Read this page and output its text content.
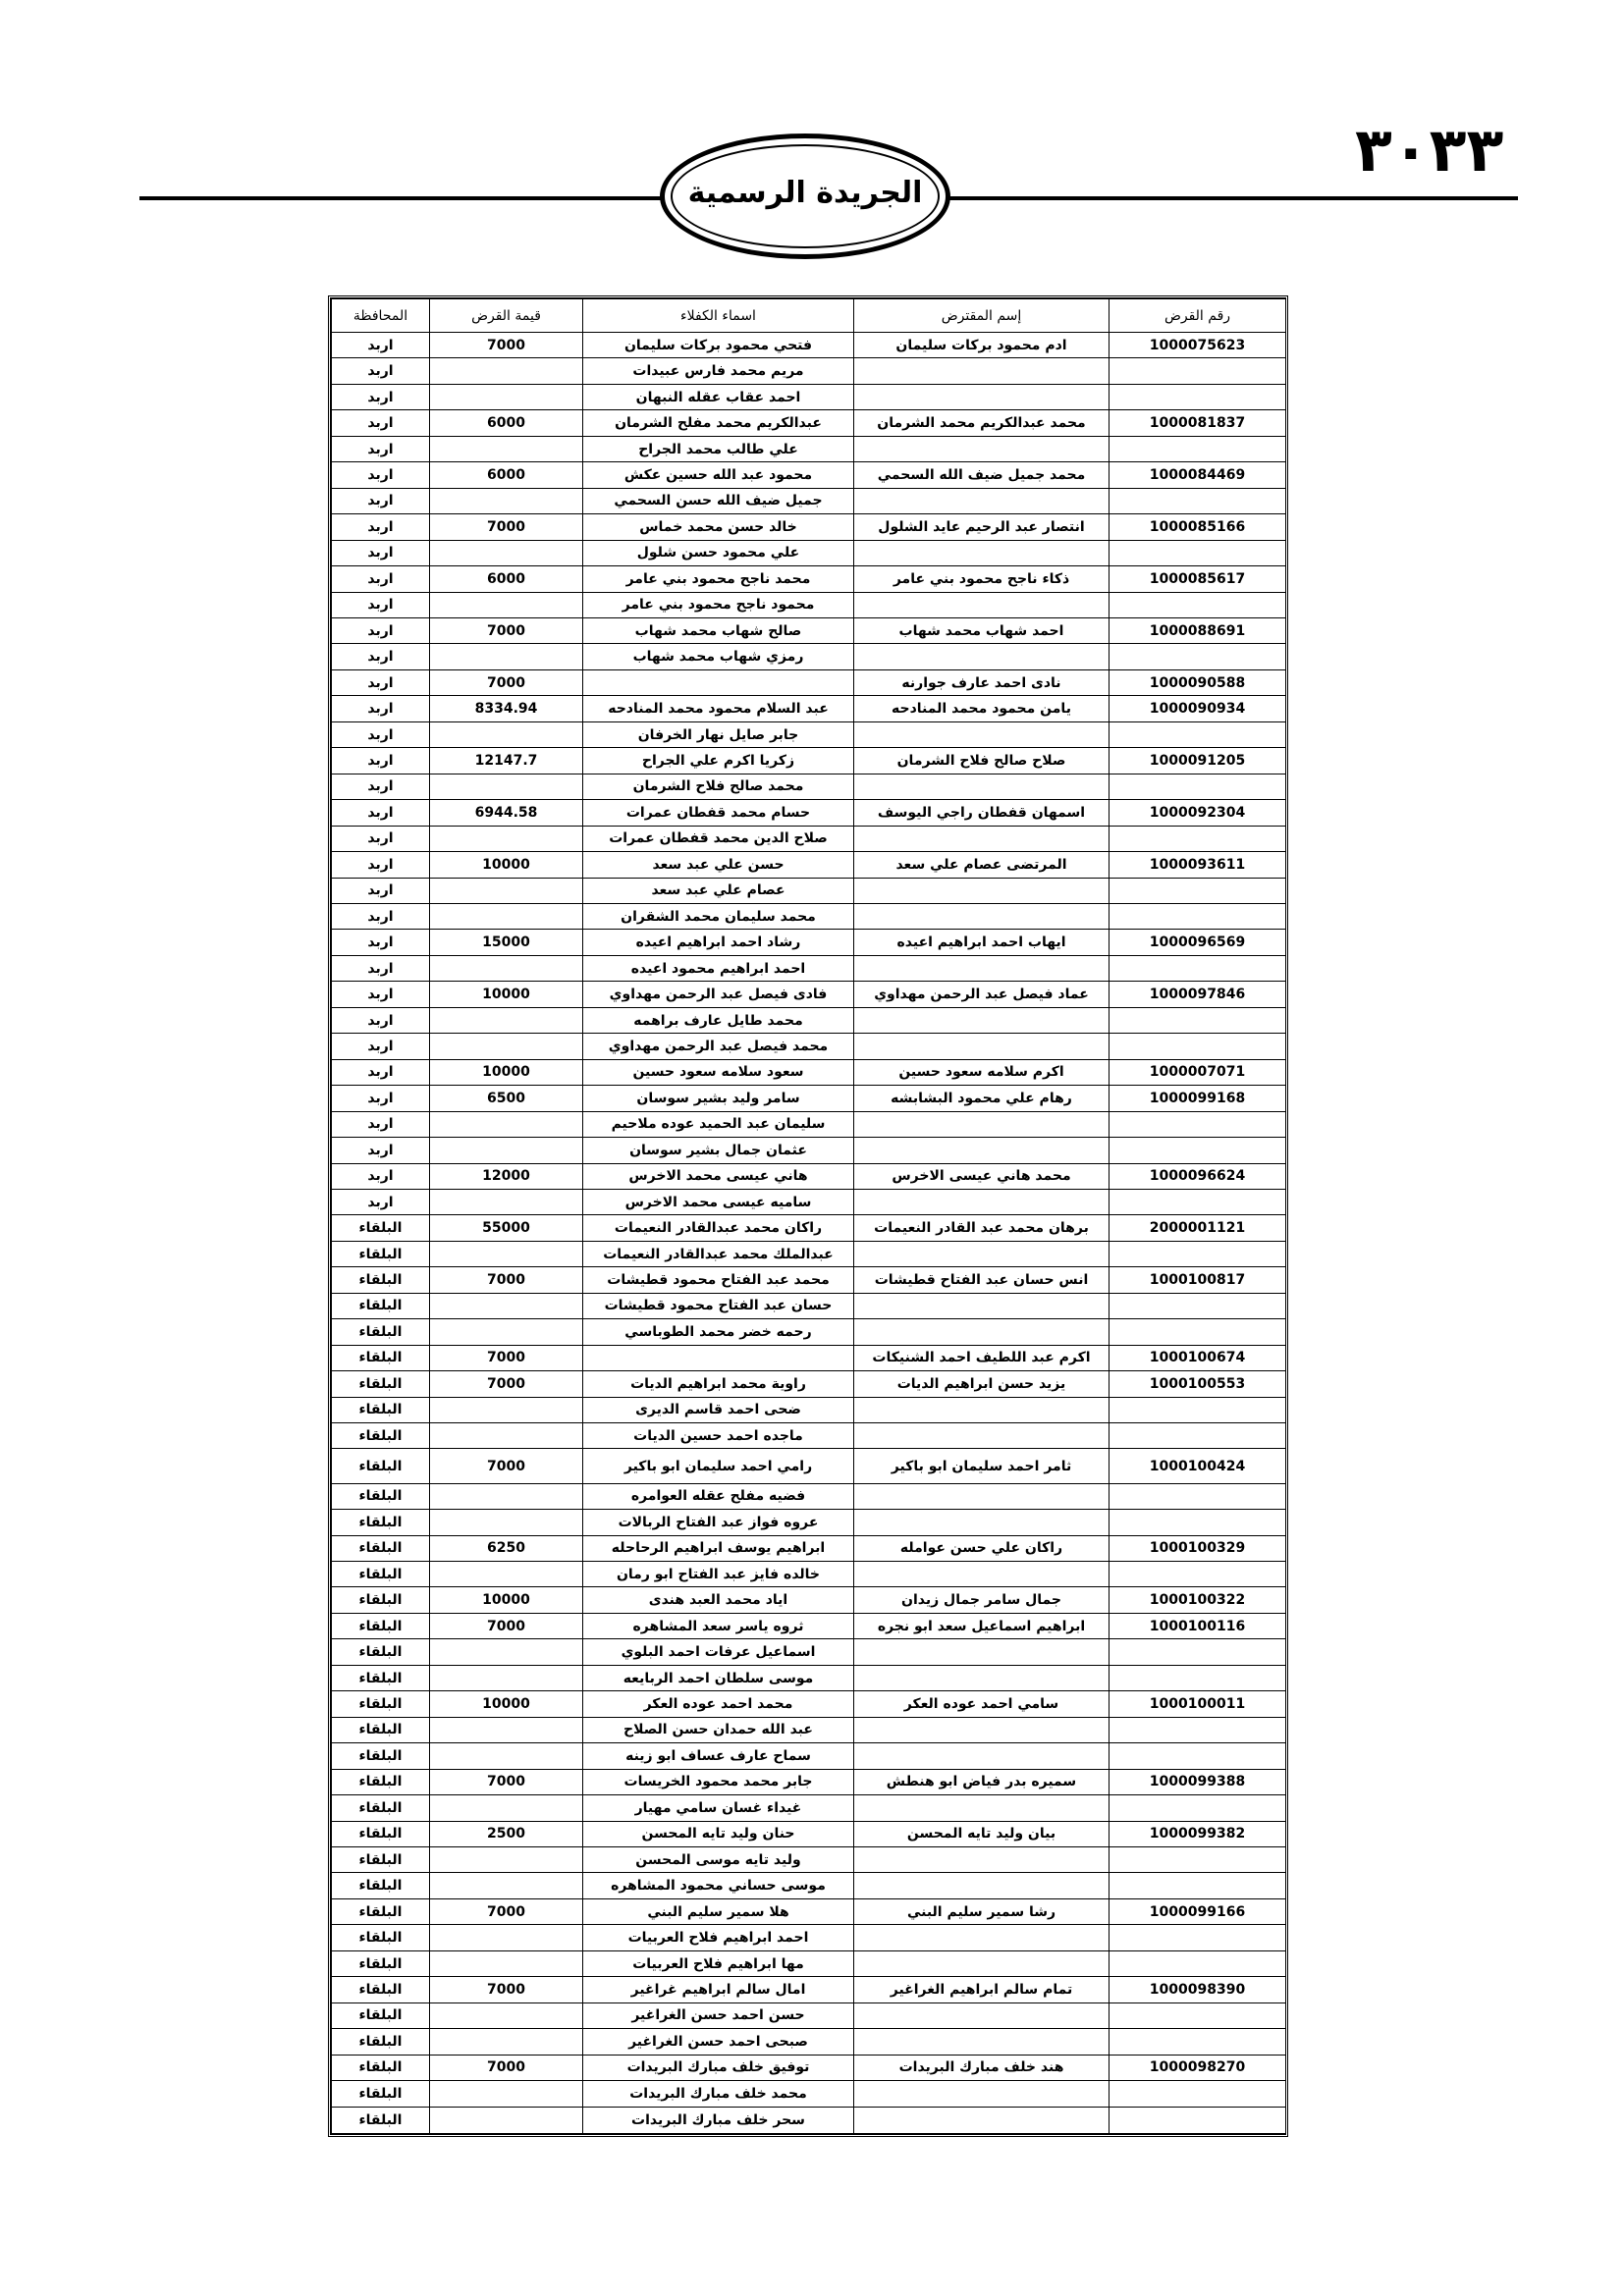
٣٠٣٣
الجريدة الرسمية
رقم القرض	إسم المقترض	اسماء الكفلاء	قيمة القرض	المحافظة
1000075623	ادم محمود بركات سليمان	فتحي محمود بركات سليمان	7000	اربد
		مريم محمد فارس عبيدات		اربد
		احمد عقاب عقله النبهان		اربد
1000081837	محمد عبدالكريم محمد الشرمان	عبدالكريم محمد مفلح الشرمان	6000	اربد
		علي طالب محمد الجراح		اربد
1000084469	محمد جميل ضيف الله السحمي	محمود عبد الله حسين عكش	6000	اربد
		جميل ضيف الله حسن السحمي		اربد
1000085166	انتصار عبد الرحيم عايد الشلول	خالد حسن محمد خماس	7000	اربد
		علي محمود حسن شلول		اربد
1000085617	ذكاء ناجح محمود بني عامر	محمد ناجح محمود بني عامر	6000	اربد
		محمود ناجح محمود بني عامر		اربد
1000088691	احمد شهاب محمد شهاب	صالح شهاب محمد شهاب	7000	اربد
		رمزي شهاب محمد شهاب		اربد
1000090588	نادى احمد عارف جوارنه		7000	اربد
1000090934	يامن محمود محمد المنادحه	عبد السلام محمود محمد المنادحه	8334.94	اربد
		جابر صايل نهار الخرفان		اربد
1000091205	صلاح صالح فلاح الشرمان	زكريا اكرم علي الجراح	12147.7	اربد
		محمد صالح فلاح الشرمان		اربد
1000092304	اسمهان قفطان راجي اليوسف	حسام محمد قفطان عمرات	6944.58	اربد
		صلاح الدين محمد قفطان عمرات		اربد
1000093611	المرتضى عصام علي سعد	حسن علي عبد سعد	10000	اربد
		عصام علي عبد سعد		اربد
		محمد سليمان محمد الشقران		اربد
1000096569	ايهاب احمد ابراهيم اعيده	رشاد احمد ابراهيم اعيده	15000	اربد
		احمد ابراهيم محمود اعيده		اربد
1000097846	عماد فيصل عبد الرحمن مهداوي	فادى فيصل عبد الرحمن مهداوي	10000	اربد
		محمد طايل عارف براهمه		اربد
		محمد فيصل عبد الرحمن مهداوي		اربد
1000007071	اكرم سلامه سعود حسين	سعود سلامه سعود حسين	10000	اربد
1000099168	رهام علي محمود البشابشه	سامر وليد بشير سوسان	6500	اربد
		سليمان عبد الحميد عوده ملاحيم		اربد
		عثمان جمال بشير سوسان		اربد
1000096624	محمد هاني عيسى الاخرس	هاني عيسى محمد الاخرس	12000	اربد
		ساميه عيسى محمد الاخرس		اربد
2000001121	برهان محمد عبد القادر النعيمات	راكان محمد عبدالقادر النعيمات	55000	البلقاء
		عبدالملك محمد عبدالقادر النعيمات		البلقاء
1000100817	انس حسان عبد الفتاح قطيشات	محمد عبد الفتاح محمود قطيشات	7000	البلقاء
		حسان عبد الفتاح محمود قطيشات		البلقاء
		رحمه خضر محمد الطوباسي		البلقاء
1000100674	اكرم عبد اللطيف احمد الشنيكات		7000	البلقاء
1000100553	يزيد حسن ابراهيم الديات	راوية محمد ابراهيم الديات	7000	البلقاء
		ضحى احمد قاسم الديرى		البلقاء
		ماجده احمد حسين الديات		البلقاء
1000100424	ثامر احمد سليمان ابو باكير	رامي احمد سليمان ابو باكير	7000	البلقاء
		فضيه مفلح عقله العوامره		البلقاء
		عروه فواز عبد الفتاح الربالات		البلقاء
1000100329	راكان علي حسن عوامله	ابراهيم يوسف ابراهيم الرحاحله	6250	البلقاء
		خالده فايز عبد الفتاح ابو رمان		البلقاء
1000100322	جمال سامر جمال زيدان	اياد محمد العبد هندى	10000	البلقاء
1000100116	ابراهيم اسماعيل سعد ابو نجره	ثروه ياسر سعد المشاهره	7000	البلقاء
		اسماعيل عرفات احمد البلوي		البلقاء
		موسى سلطان احمد الربايعه		البلقاء
1000100011	سامي احمد عوده العكر	محمد احمد عوده العكر	10000	البلقاء
		عبد الله حمدان حسن الصلاح		البلقاء
		سماح عارف عساف ابو زينه		البلقاء
1000099388	سميره بدر فياض ابو هنطش	جابر محمد محمود الخريسات	7000	البلقاء
		غيداء غسان سامي مهيار		البلقاء
1000099382	بيان وليد تايه المحسن	حنان وليد تايه المحسن	2500	البلقاء
		وليد تايه موسى المحسن		البلقاء
		موسى حساني محمود المشاهره		البلقاء
1000099166	رشا سمير سليم البني	هلا سمير سليم البني	7000	البلقاء
		احمد ابراهيم فلاح العربيات		البلقاء
		مها ابراهيم فلاح العربيات		البلقاء
1000098390	تمام سالم ابراهيم الغراغير	امال سالم ابراهيم غراغير	7000	البلقاء
		حسن احمد حسن الغراغير		البلقاء
		صبحى احمد حسن الغراغير		البلقاء
1000098270	هند خلف مبارك البريدات	توفيق خلف مبارك البريدات	7000	البلقاء
		محمد خلف مبارك البريدات		البلقاء
		سحر خلف مبارك البريدات		البلقاء
